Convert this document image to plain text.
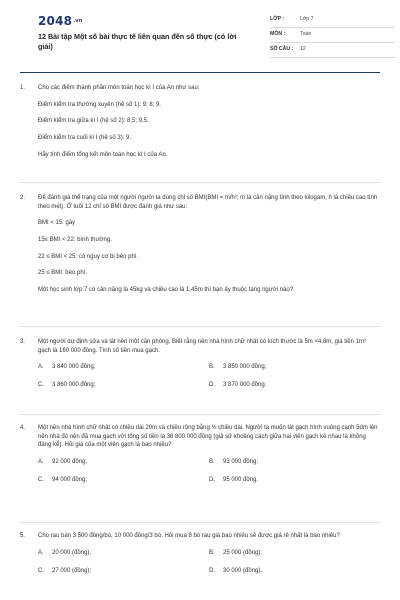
2048.vn
12 Bài tập Một số bài thực tế liên quan đến số thực (có lời giải)
LỚP :	Lớp 7
MÔN :	Toán
SỐ CÂU :	12
1. Cho các điểm thành phần môn toán học kì I của An như sau:

Điểm kiểm tra thường xuyên (hệ số 1): 9; 8; 9.

Điểm kiểm tra giữa kì I (hệ số 2): 8,5; 9,5.

Điểm kiểm tra cuối kì I (hệ số 3): 9.

Hãy tính điểm tổng kết môn toán học kì I của An.

2. Để đánh giá thể trạng của một người người ta dùng chỉ số BMI(BMI = m/h²; m là cân nặng tính theo kilogam, h là chiều cao tính theo mét). Ở tuổi 12 chỉ số BMI được đánh giá như sau:

BMI < 15: gầy

15≤ BMI < 22: bình thường.

22 ≤ BMI < 25: có nguy cơ bị béo phì.

25 ≤ BMI: béo phì.

Một học sinh lớp 7 có cân nặng là 45kg và chiều cao là 1,45m thì bạn ấy thuộc tạng người nào?

3. Một người dự định sửa và lát nền một căn phòng. Biết rằng nền nhà hình chữ nhật có kích thước là 5m ×4,8m, giá tiền 1m² gạch là 160 000 đồng. Tính số tiền mua gạch.

A. 3 840 000 đồng;	B. 3 850 000 đồng;
C. 3 860 000 đồng;	D. 3 870 000 đồng.
4. Một nền nhà hình chữ nhật có chiều dài 20m và chiều rộng bằng ½ chiều dài. Người ta muốn lát gạch hình vuông cạnh 5dm lên nền nhà đó nên đã mua gạch với tổng số tiền là 36 800 000 đồng (giả sử khoảng cách giữa hai viên gạch kề nhau là không đáng kể). Hỏi giá của một viên gạch là bao nhiêu?

A. 92 000 đồng;	B. 93 000 đồng;
C. 94 000 đồng;	D. 95 000 đồng.
5. Cho rau bán 3 500 đồng/bó, 10 000 đồng/3 bó. Hỏi mua 8 bó rau giá bao nhiêu sẽ được giá rẻ nhất là bao nhiêu?

A. 20 000 (đồng);	B. 25 000 (đồng);
C. 27 000 (đồng);	D. 30 000 (đồng).
